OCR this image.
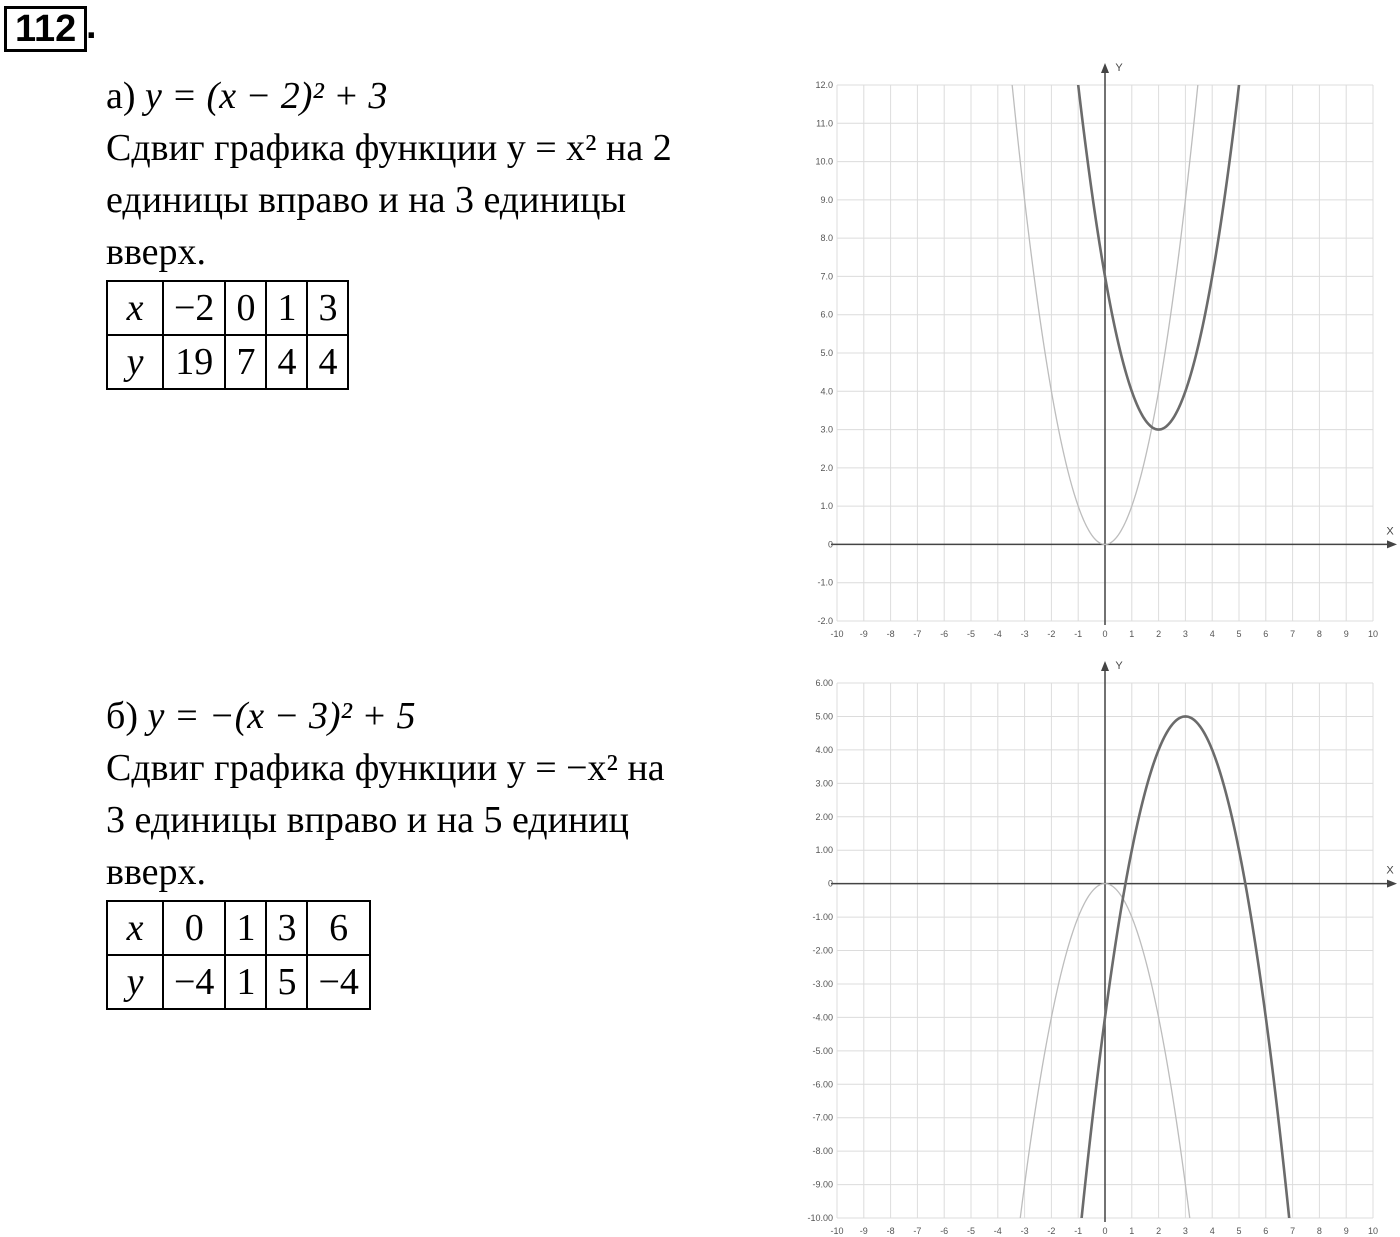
112 .
а) y = (x − 2)² + 3
Сдвиг графика функции y = x² на 2
единицы вправо и на 3 единицы
вверх.
x	−2	0	1	3
y	19	7	4	4
б) y = −(x − 3)² + 5
Сдвиг графика функции y = −x² на
3 единицы вправо и на 5 единиц
вверх.
x	0	1	3	6
y	−4	1	5	−4
X
Y
-10 -9 -8 -7 -6 -5 -4 -3 -2 -1 0 1 2 3 4 5 6 7 8 9 10
-2.0
-1.0
0
1.0
2.0
3.0
4.0
5.0
6.0
7.0
8.0
9.0
10.0
11.0
12.0
X
Y
-10 -9 -8 -7 -6 -5 -4 -3 -2 -1 0 1 2 3 4 5 6 7 8 9 10
-10.00
-9.00
-8.00
-7.00
-6.00
-5.00
-4.00
-3.00
-2.00
-1.00
0
1.00
2.00
3.00
4.00
5.00
6.00
